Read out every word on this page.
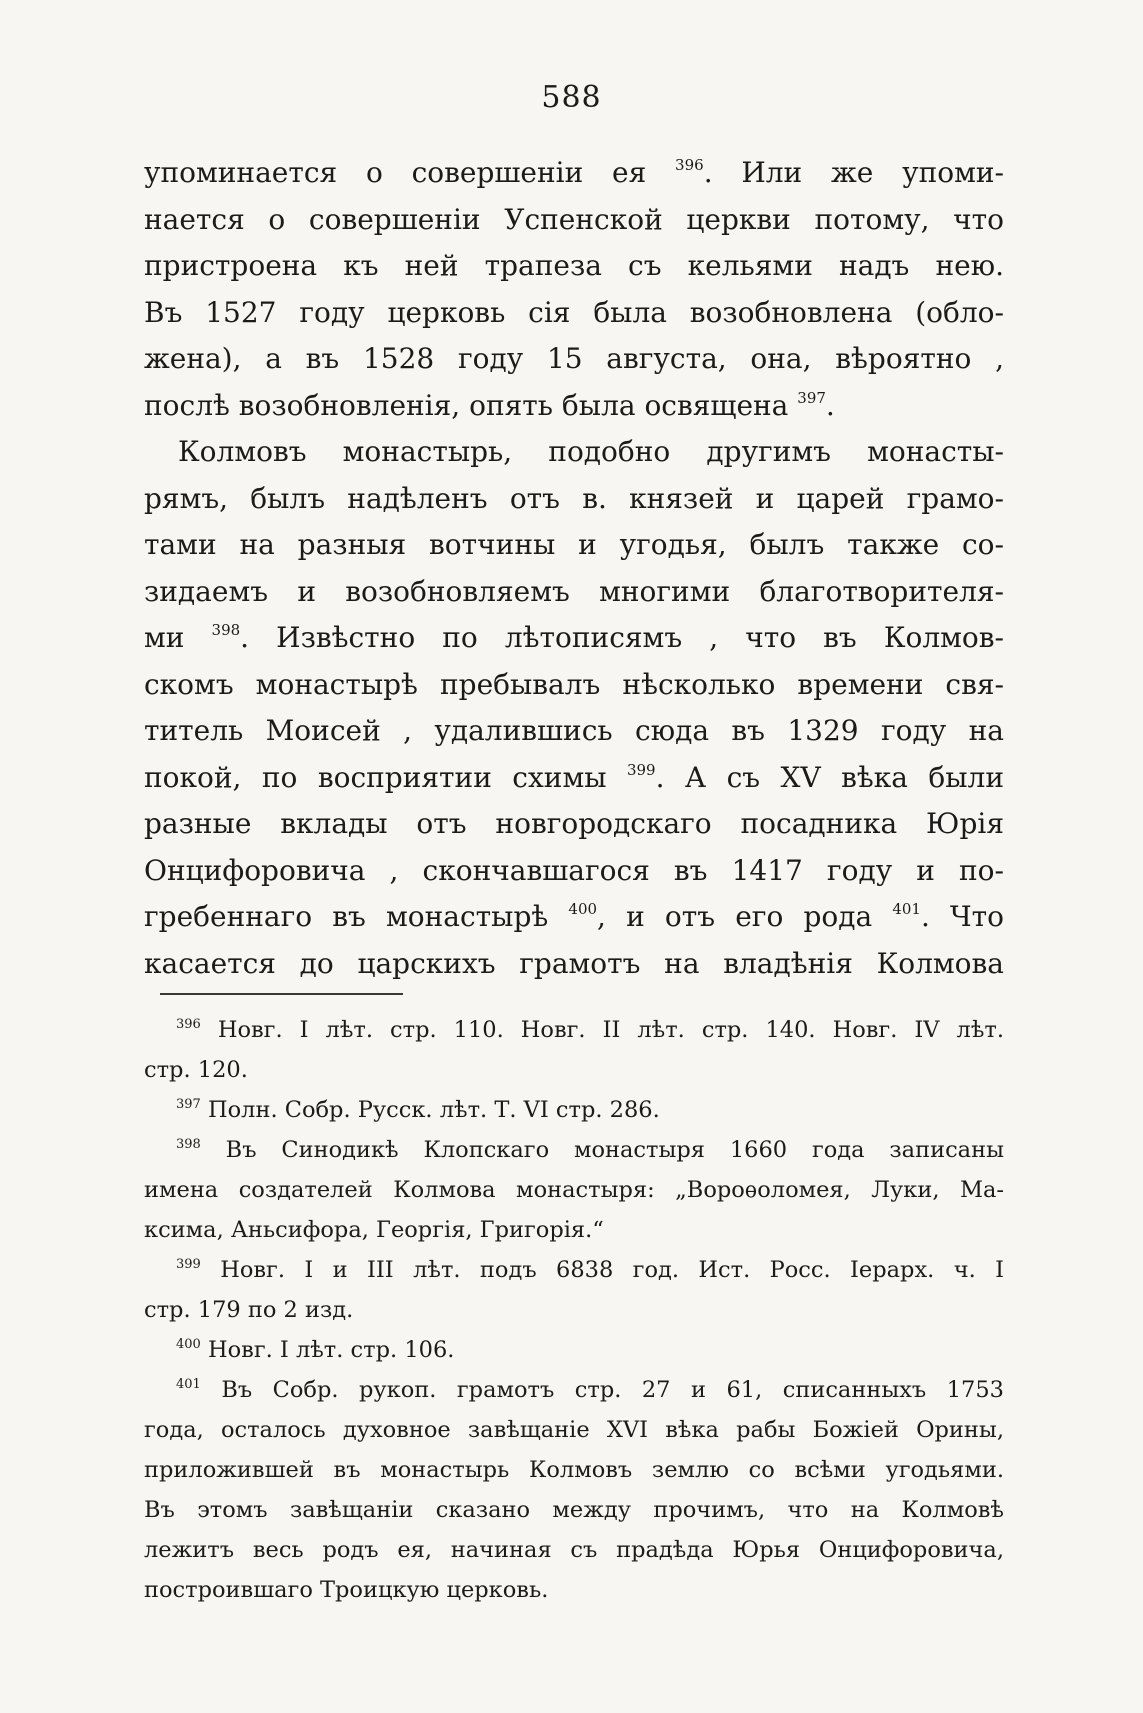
588
упоминается о совершенiи ея $^{396}$. Или же упоми-
нается о совершенiи Успенской церкви потому, что
пристроена къ ней трапеза съ кельями надъ нею.
Въ 1527 году церковь сiя была возобновлена (обло-
жена), а въ 1528 году 15 августа, она, вѣроятно ,
послѣ возобновленiя, опять была освящена $^{397}$.
Колмовъ монастырь, подобно другимъ монасты-
рямъ, былъ надѣленъ отъ в. князей и царей грамо-
тами на разныя вотчины и угодья, былъ также со-
зидаемъ и возобновляемъ многими благотворителя-
ми $^{398}$. Извѣстно по лѣтописямъ , что въ Колмов-
скомъ монастырѣ пребывалъ нѣсколько времени свя-
титель Моисей , удалившись сюда въ 1329 году на
покой, по восприятии схимы $^{399}$. А съ XV вѣка были
разные вклады отъ новгородскаго посадника Юрiя
Онцифоровича , скончавшагося въ 1417 году и по-
гребеннаго въ монастырѣ $^{400}$, и отъ его рода $^{401}$. Что
касается до царскихъ грамотъ на владѣнiя Колмова
$^{396}$ Новг. I лѣт. стр. 110. Новг. II лѣт. стр. 140. Новг. IV лѣт.
стр. 120.
$^{397}$ Полн. Собр. Русск. лѣт. Т. VI стр. 286.
$^{398}$ Въ Синодикѣ Клопскаго монастыря 1660 года записаны
имена создателей Колмова монастыря: „Вороѳоломея, Луки, Ма-
ксима, Аньсифора, Георгiя, Григорiя.“
$^{399}$ Новг. I и III лѣт. подъ 6838 год. Ист. Росс. Iерарх. ч. I
стр. 179 по 2 изд.
$^{400}$ Новг. I лѣт. стр. 106.
$^{401}$ Въ Собр. рукоп. грамотъ стр. 27 и 61, списанныхъ 1753
года, осталось духовное завѣщанiе XVI вѣка рабы Божiей Орины,
приложившей въ монастырь Колмовъ землю со всѣми угодьями.
Въ этомъ завѣщанiи сказано между прочимъ, что на Колмовѣ
лежитъ весь родъ ея, начиная съ прадѣда Юрья Онцифоровича,
построившаго Троицкую церковь.
